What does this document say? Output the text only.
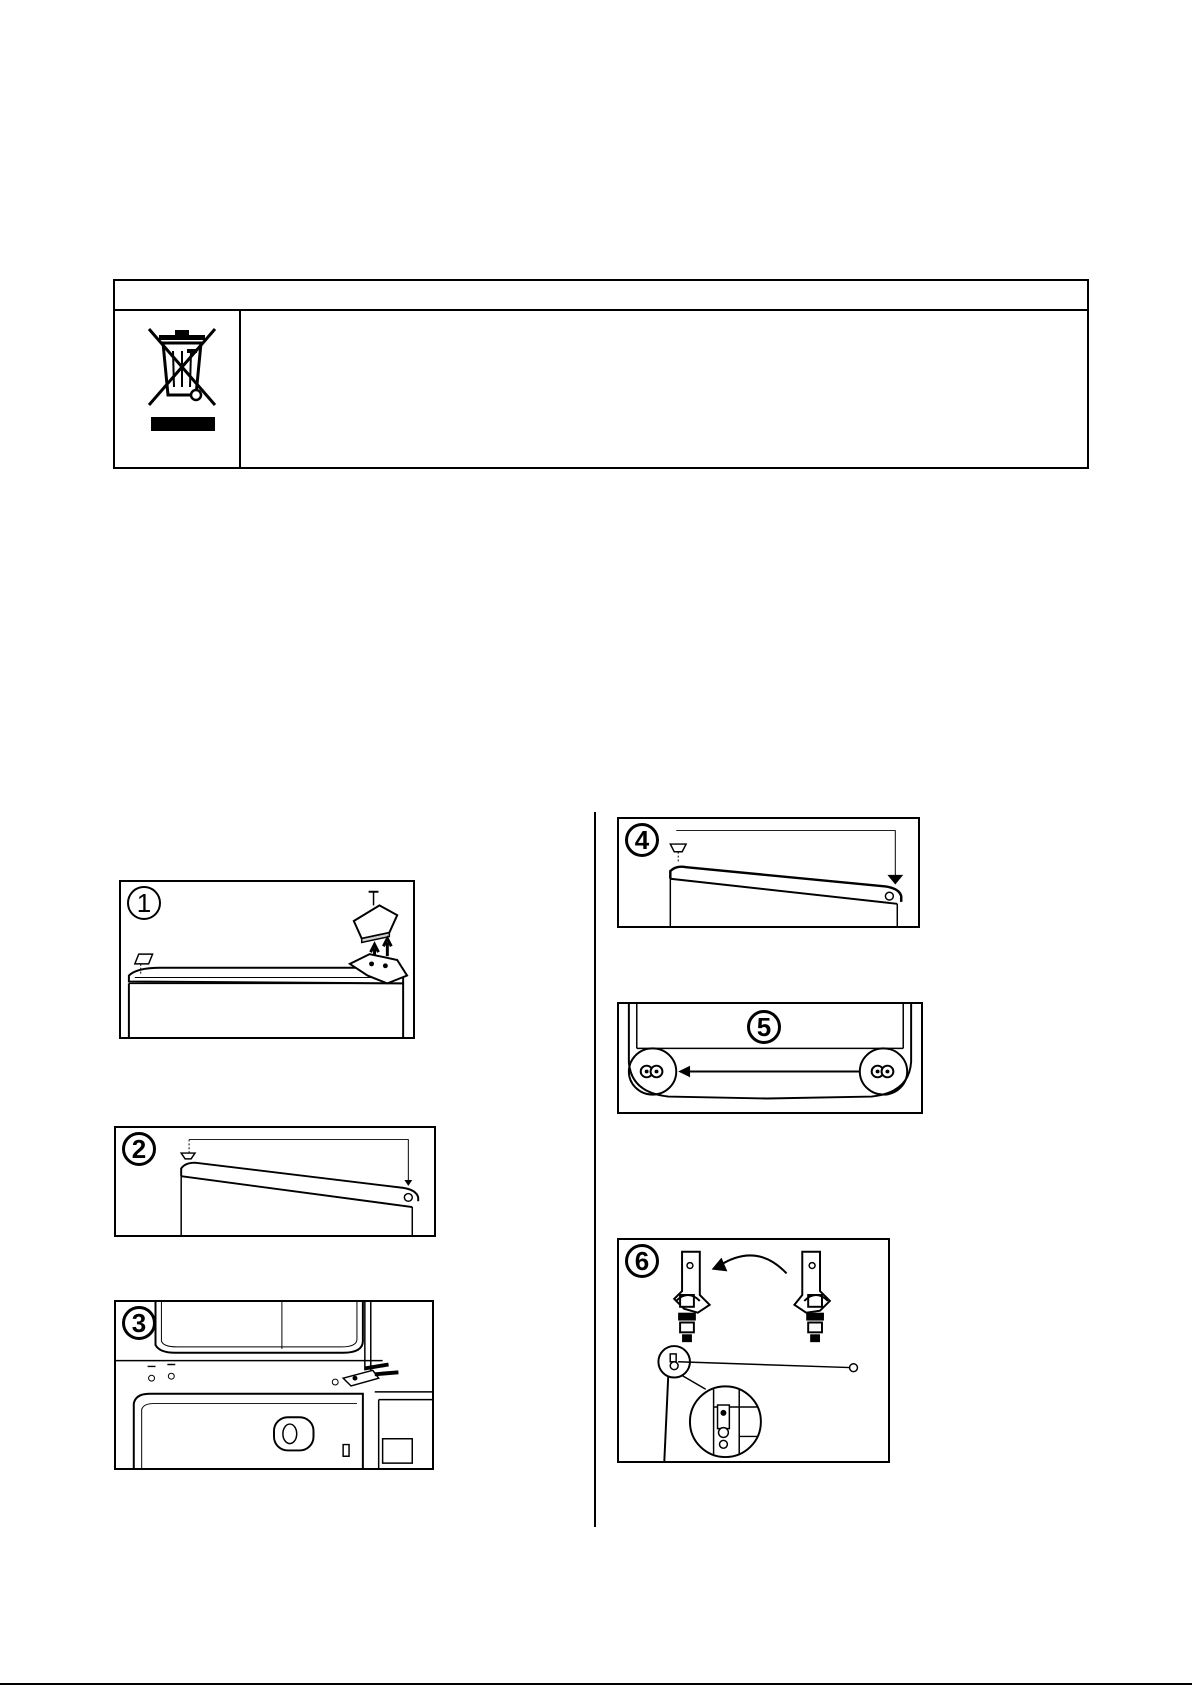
1
2
3
4
5
6
